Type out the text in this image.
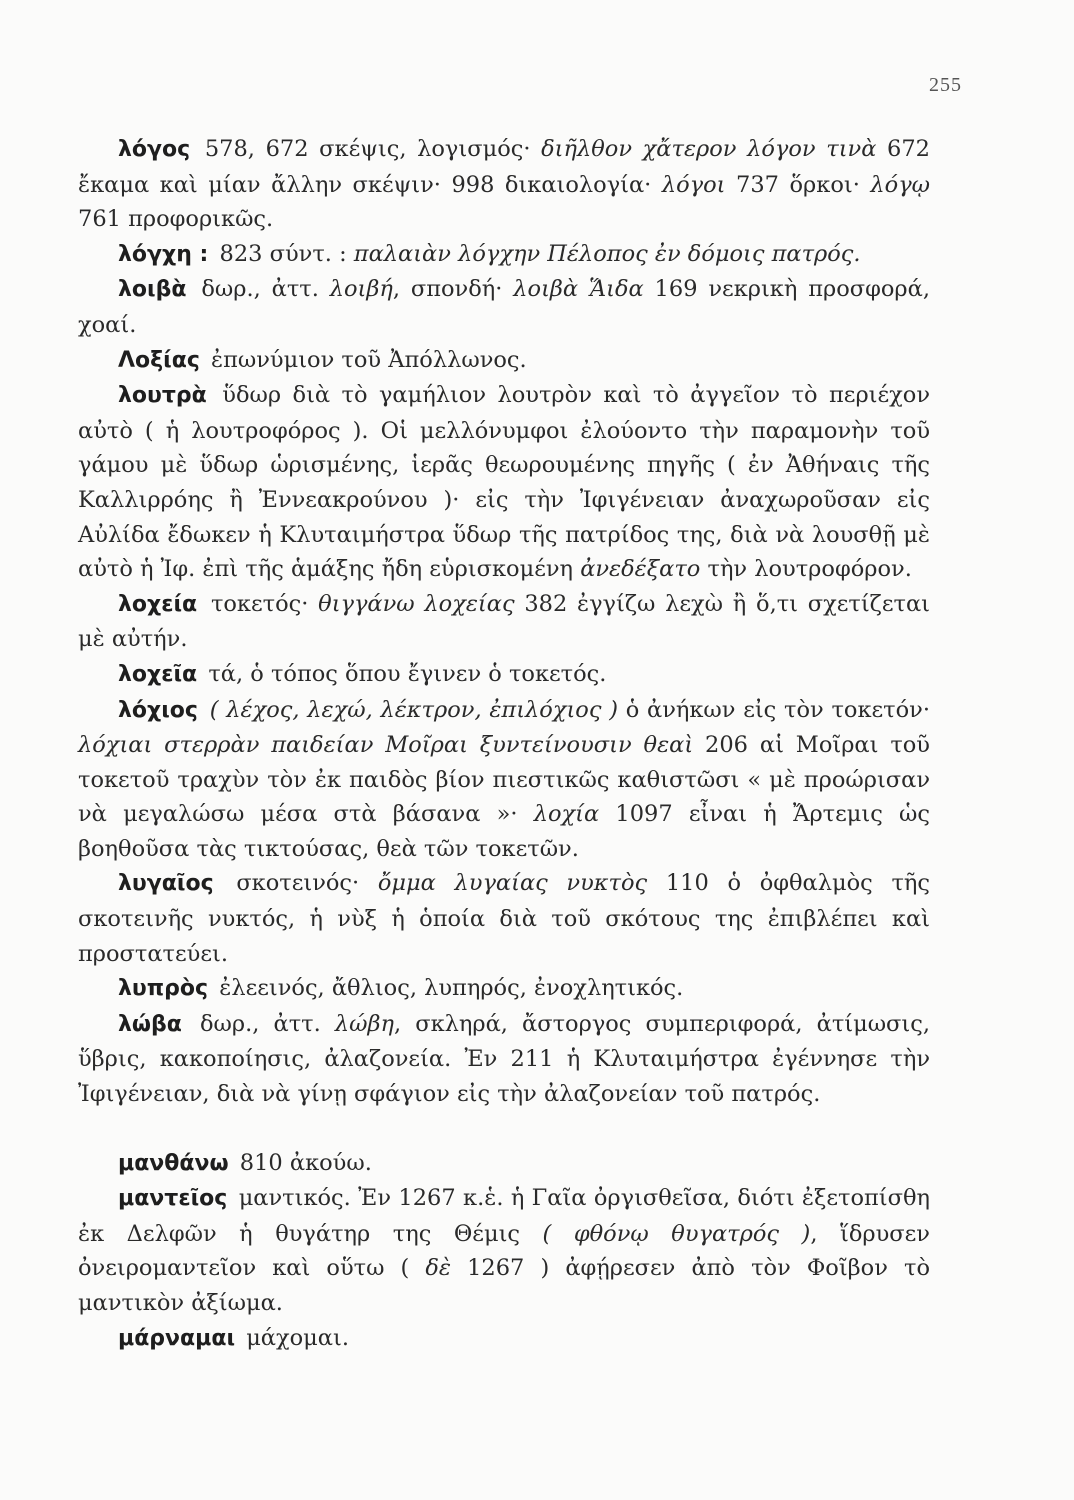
255

λόγος 578, 672 σκέψις, λογισμός· διῆλθον χἄτερον λόγον τινὰ 672 ἔκαμα καὶ μίαν ἄλλην σκέψιν· 998 δικαιολογία· λόγοι 737 ὅρκοι· λόγῳ 761 προφορικῶς.

λόγχη : 823 σύντ. : παλαιὰν λόγχην Πέλοπος ἐν δόμοις πατρός.

λοιβὰ δωρ., ἀττ. λοιβή, σπονδή· λοιβὰ Ἅιδα 169 νεκρικὴ προσφορά, χοαί.

Λοξίας ἐπωνύμιον τοῦ Ἀπόλλωνος.

λουτρὰ ὕδωρ διὰ τὸ γαμήλιον λουτρὸν καὶ τὸ ἀγγεῖον τὸ περιέχον αὐτὸ ( ἡ λουτροφόρος ). Οἱ μελλόνυμφοι ἐλούοντο τὴν παραμονὴν τοῦ γάμου μὲ ὕδωρ ὡρισμένης, ἱερᾶς θεωρουμένης πηγῆς ( ἐν Ἀθήναις τῆς Καλλιρρόης ἢ Ἐννεακρούνου )· εἰς τὴν Ἰφιγένειαν ἀναχωροῦσαν εἰς Αὐλίδα ἔδωκεν ἡ Κλυταιμήστρα ὕδωρ τῆς πατρίδος της, διὰ νὰ λουσθῇ μὲ αὐτὸ ἡ Ἰφ. ἐπὶ τῆς ἁμάξης ἤδη εὑρισκομένη ἀνεδέξατο τὴν λουτροφόρον.

λοχεία τοκετός· θιγγάνω λοχείας 382 ἐγγίζω λεχὼ ἢ ὅ,τι σχετίζεται μὲ αὐτήν.

λοχεῖα τά, ὁ τόπος ὅπου ἔγινεν ὁ τοκετός.

λόχιος ( λέχος, λεχώ, λέκτρον, ἐπιλόχιος ) ὁ ἀνήκων εἰς τὸν τοκετόν· λόχιαι στερρὰν παιδείαν Μοῖραι ξυντείνουσιν θεαὶ 206 αἱ Μοῖραι τοῦ τοκετοῦ τραχὺν τὸν ἐκ παιδὸς βίον πιεστικῶς καθιστῶσι « μὲ προώρισαν νὰ μεγαλώσω μέσα στὰ βάσανα »· λοχία 1097 εἶναι ἡ Ἄρτεμις ὡς βοηθοῦσα τὰς τικτούσας, θεὰ τῶν τοκετῶν.

λυγαῖος σκοτεινός· ὄμμα λυγαίας νυκτὸς 110 ὁ ὀφθαλμὸς τῆς σκοτεινῆς νυκτός, ἡ νὺξ ἡ ὁποία διὰ τοῦ σκότους της ἐπιβλέπει καὶ προστατεύει.

λυπρὸς ἐλεεινός, ἄθλιος, λυπηρός, ἐνοχλητικός.

λώβα δωρ., ἀττ. λώβη, σκληρά, ἄστοργος συμπεριφορά, ἀτίμωσις, ὕβρις, κακοποίησις, ἀλαζονεία. Ἐν 211 ἡ Κλυταιμήστρα ἐγέννησε τὴν Ἰφιγένειαν, διὰ νὰ γίνῃ σφάγιον εἰς τὴν ἀλαζονείαν τοῦ πατρός.

μανθάνω 810 ἀκούω.

μαντεῖος μαντικός. Ἐν 1267 κ.ἑ. ἡ Γαῖα ὀργισθεῖσα, διότι ἐξετοπίσθη ἐκ Δελφῶν ἡ θυγάτηρ της Θέμις ( φθόνῳ θυγατρός ), ἵδρυσεν ὀνειρομαντεῖον καὶ οὕτω ( δὲ 1267 ) ἀφῄρεσεν ἀπὸ τὸν Φοῖβον τὸ μαντικὸν ἀξίωμα.

μάρναμαι μάχομαι.
